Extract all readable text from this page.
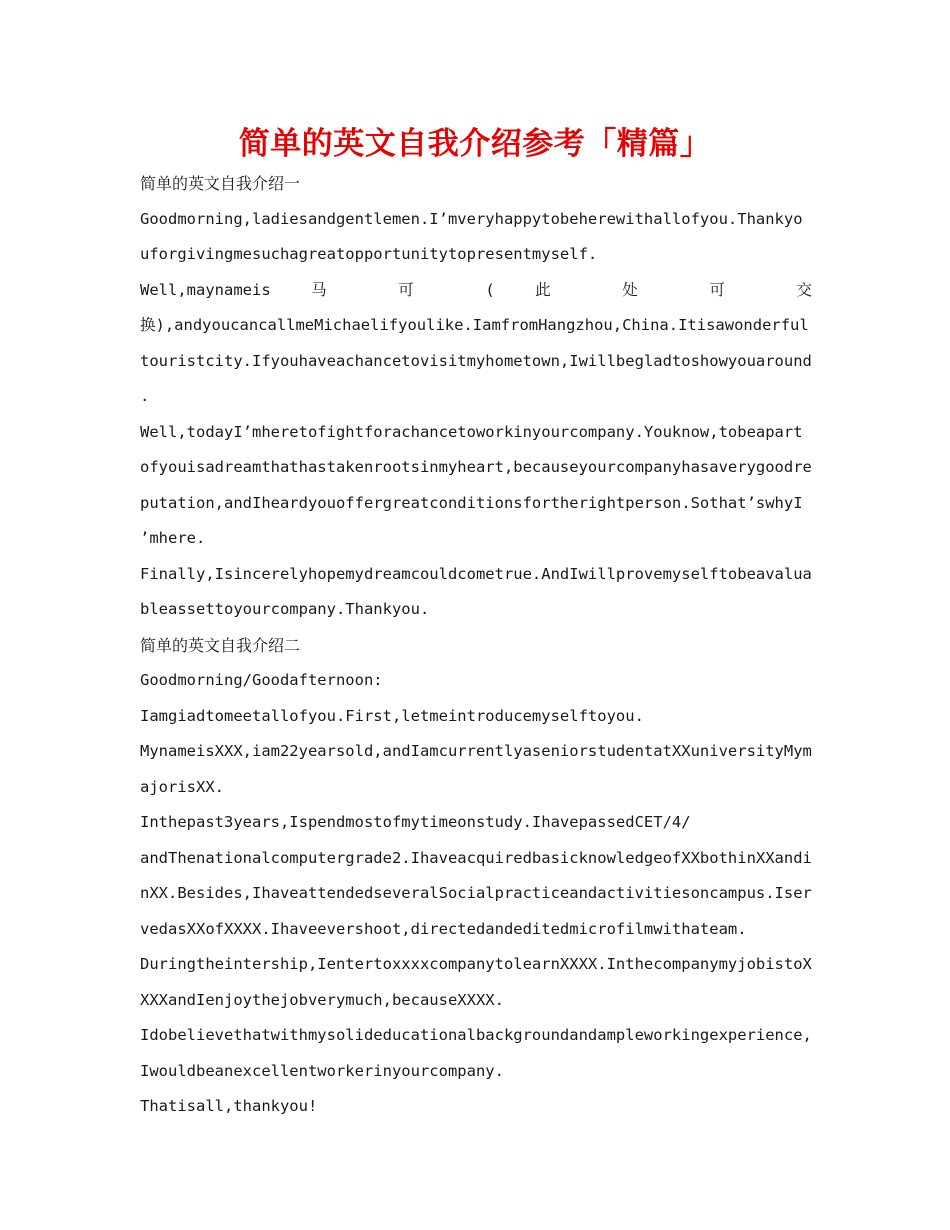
简单的英文自我介绍参考「精篇」
简单的英文自我介绍一
Goodmorning,ladiesandgentlemen.I’mveryhappytobeherewithallofyou.Thankyo
uforgivingmesuchagreatopportunitytopresentmyself.
Well,maynameis 马 可 ( 此 处 可 交
换),andyoucancallmeMichaelifyoulike.IamfromHangzhou,China.Itisawonderful
touristcity.Ifyouhaveachancetovisitmyhometown,Iwillbegladtoshowyouaround
.
Well,todayI’mheretofightforachancetoworkinyourcompany.Youknow,tobeapart
ofyouisadreamthathastakenrootsinmyheart,becauseyourcompanyhasaverygoodre
putation,andIheardyouoffergreatconditionsfortherightperson.Sothat’swhyI
’mhere.
Finally,Isincerelyhopemydreamcouldcometrue.AndIwillprovemyselftobeavalua
bleassettoyourcompany.Thankyou.
简单的英文自我介绍二
Goodmorning/Goodafternoon:
Iamgiadtomeetallofyou.First,letmeintroducemyselftoyou.
MynameisXXX,iam22yearsold,andIamcurrentlyaseniorstudentatXXuniversityMym
ajorisXX.
Inthepast3years,Ispendmostofmytimeonstudy.IhavepassedCET/4/
andThenationalcomputergrade2.IhaveacquiredbasicknowledgeofXXbothinXXandi
nXX.Besides,IhaveattendedseveralSocialpracticeandactivitiesoncampus.Iser
vedasXXofXXXX.Ihaveevershoot,directedandeditedmicrofilmwithateam.
Duringtheintership,IentertoxxxxcompanytolearnXXXX.InthecompanymyjobistoX
XXXandIenjoythejobverymuch,becauseXXXX.
Idobelievethatwithmysolideducationalbackgroundandampleworkingexperience,
Iwouldbeanexcellentworkerinyourcompany.
Thatisall,thankyou!
